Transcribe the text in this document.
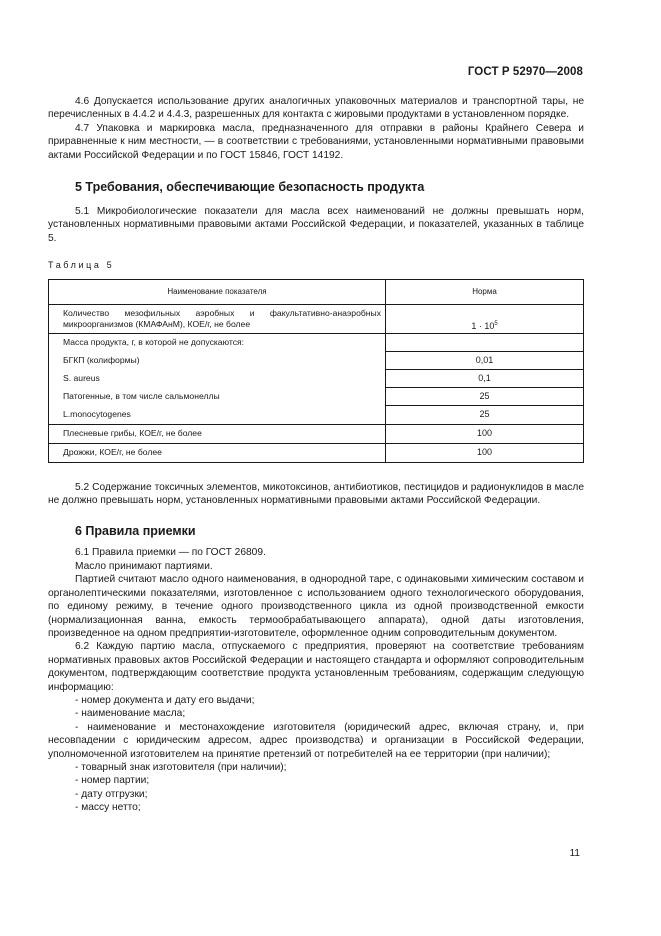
ГОСТ Р 52970—2008

4.6 Допускается использование других аналогичных упаковочных материалов и транспортной тары, не перечисленных в 4.4.2 и 4.4.3, разрешенных для контакта с жировыми продуктами в установленном порядке.

4.7 Упаковка и маркировка масла, предназначенного для отправки в районы Крайнего Севера и приравненные к ним местности, — в соответствии с требованиями, установленными нормативными правовыми актами Российской Федерации и по ГОСТ 15846, ГОСТ 14192.

5 Требования, обеспечивающие безопасность продукта

5.1 Микробиологические показатели для масла всех наименований не должны превышать норм, установленных нормативными правовыми актами Российской Федерации, и показателей, указанных в таблице 5.

Таблица 5

Наименование показателя	Норма
Количество мезофильных аэробных и факультативно-анаэробных микроорганизмов (КМАФАнМ), КОЕ/г, не более	$1 \cdot 10^5$
Масса продукта, г, в которой не допускаются:	
БГКП (колиформы)	0,01
S. aureus	0,1
Патогенные, в том числе сальмонеллы	25
L.monocytogenes	25
Плесневые грибы, КОЕ/г, не более	100
Дрожжи, КОЕ/г, не более	100

5.2 Содержание токсичных элементов, микотоксинов, антибиотиков, пестицидов и радионуклидов в масле не должно превышать норм, установленных нормативными правовыми актами Российской Федерации.

6 Правила приемки

6.1 Правила приемки — по ГОСТ 26809.

Масло принимают партиями.

Партией считают масло одного наименования, в однородной таре, с одинаковыми химическим составом и органолептическими показателями, изготовленное с использованием одного технологического оборудования, по единому режиму, в течение одного производственного цикла из одной производственной емкости (нормализационная ванна, емкость термообрабатывающего аппарата), одной даты изготовления, произведенное на одном предприятии-изготовителе, оформленное одним сопроводительным документом.

6.2 Каждую партию масла, отпускаемого с предприятия, проверяют на соответствие требованиям нормативных правовых актов Российской Федерации и настоящего стандарта и оформляют сопроводительным документом, подтверждающим соответствие продукта установленным требованиям, содержащим следующую информацию:

- номер документа и дату его выдачи;

- наименование масла;

- наименование и местонахождение изготовителя (юридический адрес, включая страну, и, при несовпадении с юридическим адресом, адрес производства) и организации в Российской Федерации, уполномоченной изготовителем на принятие претензий от потребителей на ее территории (при наличии);

- товарный знак изготовителя (при наличии);

- номер партии;

- дату отгрузки;

- массу нетто;

11
